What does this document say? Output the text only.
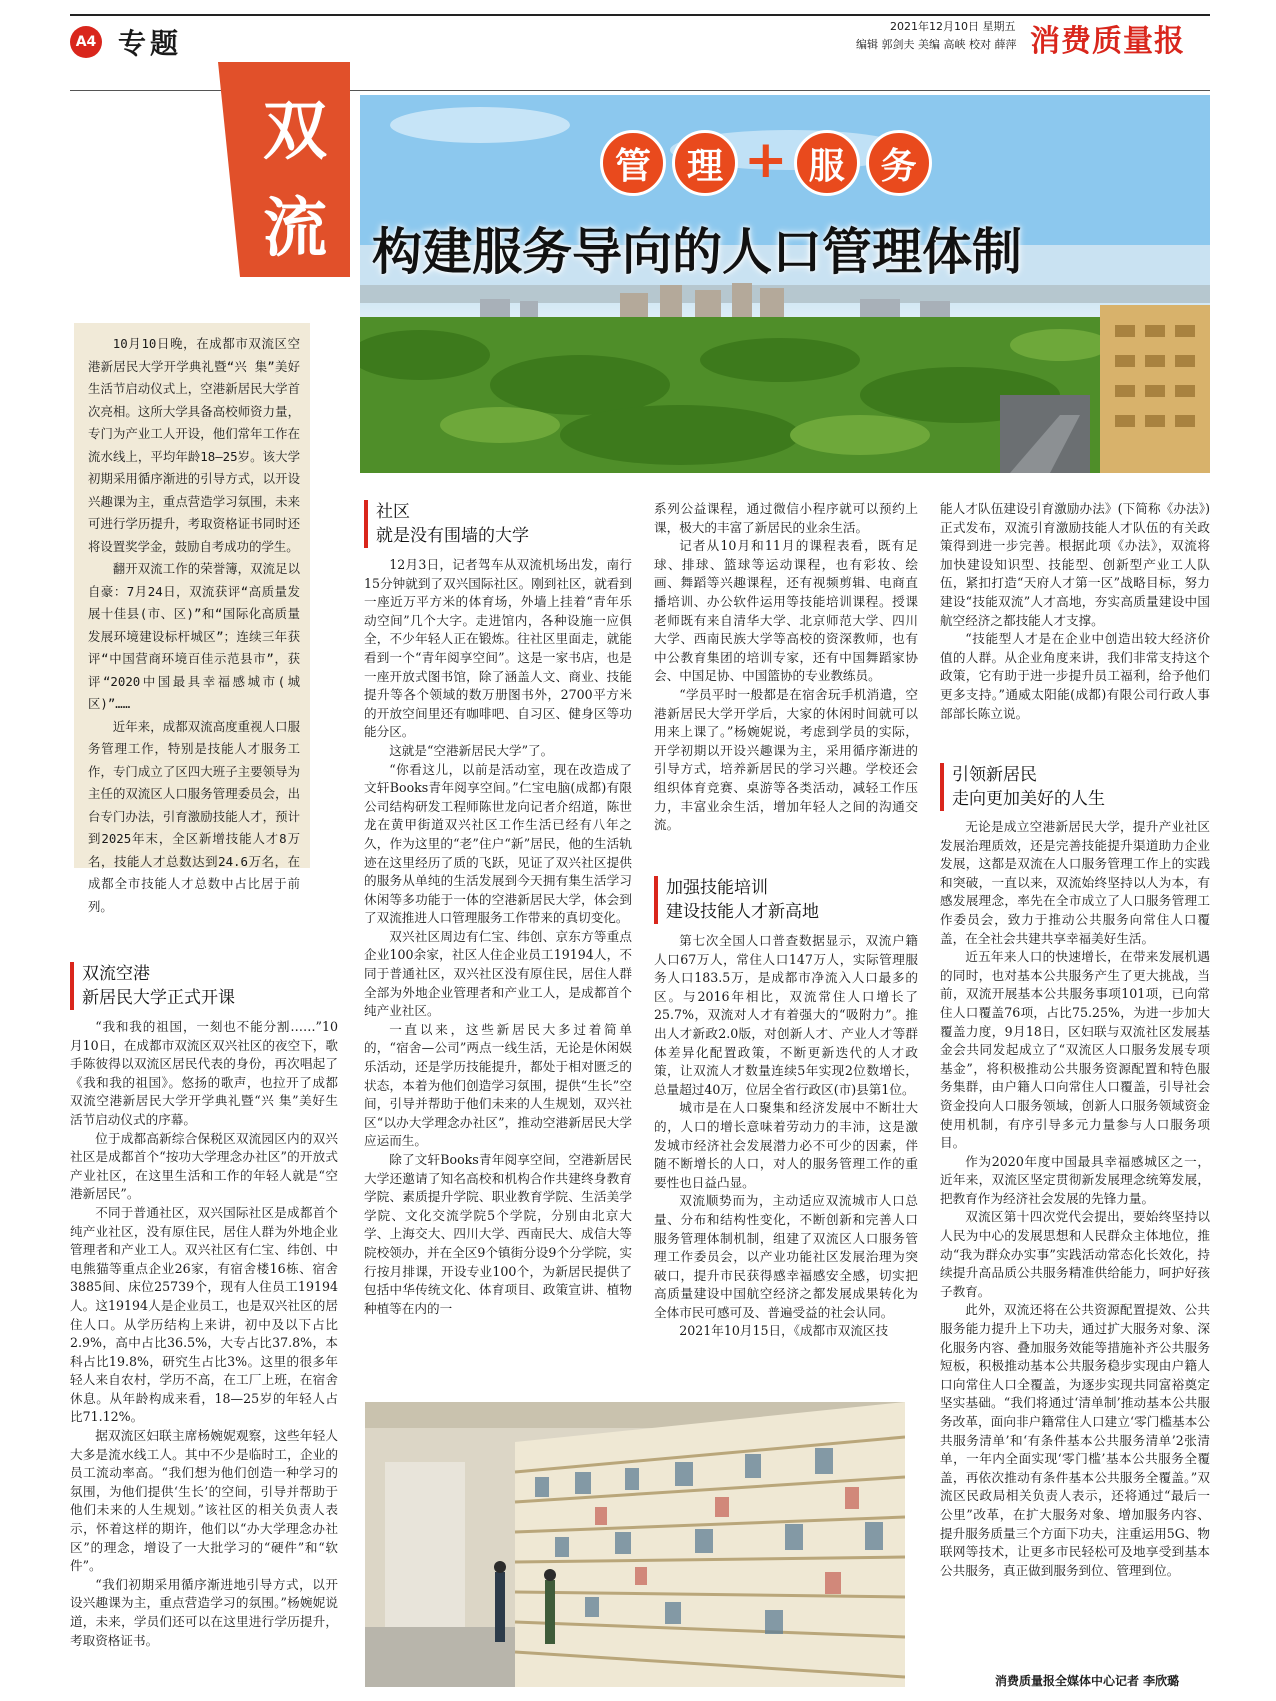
A4 专题
2021年12月10日 星期五
编辑 郭剑夫 美编 高峡 校对 薛萍 消费质量报
双
流
管 理 + 服 务
构建服务导向的人口管理体制

10月10日晚，在成都市双流区空港新居民大学开学典礼暨“兴 集”美好生活节启动仪式上，空港新居民大学首次亮相。这所大学具备高校师资力量，专门为产业工人开设，他们常年工作在流水线上，平均年龄18—25岁。该大学初期采用循序渐进的引导方式，以开设兴趣课为主，重点营造学习氛围，未来可进行学历提升，考取资格证书同时还将设置奖学金，鼓励自考成功的学生。

翻开双流工作的荣誉簿，双流足以自豪：7月24日，双流获评“高质量发展十佳县(市、区)”和“国际化高质量发展环境建设标杆城区”；连续三年获评“中国营商环境百佳示范县市”，获评“2020中国最具幸福感城市(城区)”……

近年来，成都双流高度重视人口服务管理工作，特别是技能人才服务工作，专门成立了区四大班子主要领导为主任的双流区人口服务管理委员会，出台专门办法，引育激励技能人才，预计到2025年末，全区新增技能人才8万名，技能人才总数达到24.6万名，在成都全市技能人才总数中占比居于前列。

双流空港
新居民大学正式开课

“我和我的祖国，一刻也不能分割……”10月10日，在成都市双流区双兴社区的夜空下，歌手陈彼得以双流区居民代表的身份，再次唱起了《我和我的祖国》。悠扬的歌声，也拉开了成都双流空港新居民大学开学典礼暨“兴 集”美好生活节启动仪式的序幕。

位于成都高新综合保税区双流园区内的双兴社区是成都首个“按功大学理念办社区”的开放式产业社区，在这里生活和工作的年轻人就是“空港新居民”。

不同于普通社区，双兴国际社区是成都首个纯产业社区，没有原住民，居住人群为外地企业管理者和产业工人。双兴社区有仁宝、纬创、中电熊猫等重点企业26家，有宿舍楼16栋、宿舍3885间、床位25739个，现有人住员工19194人。这19194人是企业员工，也是双兴社区的居住人口。从学历结构上来讲，初中及以下占比2.9%，高中占比36.5%，大专占比37.8%，本科占比19.8%，研究生占比3%。这里的很多年轻人来自农村，学历不高，在工厂上班，在宿舍休息。从年龄构成来看，18—25岁的年轻人占比71.12%。

据双流区妇联主席杨婉妮观察，这些年轻人大多是流水线工人。其中不少是临时工，企业的员工流动率高。“我们想为他们创造一种学习的氛围，为他们提供‘生长’的空间，引导并帮助于他们未来的人生规划。”该社区的相关负责人表示，怀着这样的期许，他们以“办大学理念办社区”的理念，增设了一大批学习的“硬件”和“软件”。

“我们初期采用循序渐进地引导方式，以开设兴趣课为主，重点营造学习的氛围。”杨婉妮说道，未来，学员们还可以在这里进行学历提升，考取资格证书。

社区
就是没有围墙的大学

12月3日，记者驾车从双流机场出发，南行15分钟就到了双兴国际社区。刚到社区，就看到一座近万平方米的体育场，外墙上挂着“青年乐动空间”几个大字。走进馆内，各种设施一应俱全，不少年轻人正在锻炼。往社区里面走，就能看到一个“青年阅享空间”。这是一家书店，也是一座开放式图书馆，除了涵盖人文、商业、技能提升等各个领域的数万册图书外，2700平方米的开放空间里还有咖啡吧、自习区、健身区等功能分区。

这就是“空港新居民大学”了。

“你看这儿，以前是活动室，现在改造成了文轩Books青年阅享空间。”仁宝电脑(成都)有限公司结构研发工程师陈世龙向记者介绍道，陈世龙在黄甲街道双兴社区工作生活已经有八年之久，作为这里的“老”住户“新”居民，他的生活轨迹在这里经历了质的飞跃，见证了双兴社区提供的服务从单纯的生活发展到今天拥有集生活学习休闲等多功能于一体的空港新居民大学，体会到了双流推进人口管理服务工作带来的真切变化。

双兴社区周边有仁宝、纬创、京东方等重点企业100余家，社区人住企业员工19194人，不同于普通社区，双兴社区没有原住民，居住人群全部为外地企业管理者和产业工人，是成都首个纯产业社区。

一直以来，这些新居民大多过着简单的，“宿舍—公司”两点一线生活，无论是休闲娱乐活动，还是学历技能提升，都处于相对匮乏的状态，本着为他们创造学习氛围，提供“生长”空间，引导并帮助于他们未来的人生规划，双兴社区“以办大学理念办社区”，推动空港新居民大学应运而生。

除了文轩Books青年阅享空间，空港新居民大学还邀请了知名高校和机构合作共建终身教育学院、素质提升学院、职业教育学院、生活美学学院、文化交流学院5个学院，分别由北京大学、上海交大、四川大学、西南民大、成信大等院校领办，并在全区9个镇街分设9个分学院，实行按月排课，开设专业100个，为新居民提供了包括中华传统文化、体育项目、政策宣讲、植物种植等在内的一

系列公益课程，通过微信小程序就可以预约上课，极大的丰富了新居民的业余生活。

记者从10月和11月的课程表看，既有足球、排球、篮球等运动课程，也有彩妆、绘画、舞蹈等兴趣课程，还有视频剪辑、电商直播培训、办公软件运用等技能培训课程。授课老师既有来自清华大学、北京师范大学、四川大学、西南民族大学等高校的资深教师，也有中公教育集团的培训专家，还有中国舞蹈家协会、中国足协、中国篮协的专业教练员。

“学员平时一般都是在宿舍玩手机消遣，空港新居民大学开学后，大家的休闲时间就可以用来上课了。”杨婉妮说，考虑到学员的实际，开学初期以开设兴趣课为主，采用循序渐进的引导方式，培养新居民的学习兴趣。学校还会组织体育竞赛、桌游等各类活动，减轻工作压力，丰富业余生活，增加年轻人之间的沟通交流。

加强技能培训
建设技能人才新高地

第七次全国人口普查数据显示，双流户籍人口67万人，常住人口147万人，实际管理服务人口183.5万，是成都市净流入人口最多的区。与2016年相比，双流常住人口增长了25.7%，双流对人才有着强大的“吸附力”。推出人才新政2.0版，对创新人才、产业人才等群体差异化配置政策，不断更新迭代的人才政策，让双流人才数量连续5年实现2位数增长，总量超过40万，位居全省行政区(市)县第1位。

城市是在人口聚集和经济发展中不断壮大的，人口的增长意味着劳动力的丰沛，这是激发城市经济社会发展潜力必不可少的因素，伴随不断增长的人口，对人的服务管理工作的重要性也日益凸显。

双流顺势而为，主动适应双流城市人口总量、分布和结构性变化，不断创新和完善人口服务管理体制机制，组建了双流区人口服务管理工作委员会，以产业功能社区发展治理为突破口，提升市民获得感幸福感安全感，切实把高质量建设中国航空经济之都发展成果转化为全体市民可感可及、普遍受益的社会认同。

2021年10月15日，《成都市双流区技

能人才队伍建设引育激励办法》(下简称《办法》)正式发布，双流引育激励技能人才队伍的有关政策得到进一步完善。根据此项《办法》，双流将加快建设知识型、技能型、创新型产业工人队伍，紧扣打造“天府人才第一区”战略目标，努力建设“技能双流”人才高地，夯实高质量建设中国航空经济之都技能人才支撑。

“技能型人才是在企业中创造出较大经济价值的人群。从企业角度来讲，我们非常支持这个政策，它有助于进一步提升员工福利，给予他们更多支持。”通威太阳能(成都)有限公司行政人事部部长陈立说。

引领新居民
走向更加美好的人生

无论是成立空港新居民大学，提升产业社区发展治理质效，还是完善技能提升渠道助力企业发展，这都是双流在人口服务管理工作上的实践和突破，一直以来，双流始终坚持以人为本，有感发展理念，率先在全市成立了人口服务管理工作委员会，致力于推动公共服务向常住人口覆盖，在全社会共建共享幸福美好生活。

近五年来人口的快速增长，在带来发展机遇的同时，也对基本公共服务产生了更大挑战，当前，双流开展基本公共服务事项101项，已向常住人口覆盖76项，占比75.25%，为进一步加大覆盖力度，9月18日，区妇联与双流社区发展基金会共同发起成立了“双流区人口服务发展专项基金”，将积极推动公共服务资源配置和特色服务集群，由户籍人口向常住人口覆盖，引导社会资金投向人口服务领域，创新人口服务领域资金使用机制，有序引导多元力量参与人口服务项目。

作为2020年度中国最具幸福感城区之一，近年来，双流区坚定贯彻新发展理念统筹发展，把教育作为经济社会发展的先锋力量。

双流区第十四次党代会提出，要始终坚持以人民为中心的发展思想和人民群众主体地位，推动“我为群众办实事”实践活动常态化长效化，持续提升高品质公共服务精准供给能力，呵护好孩子教育。

此外，双流还将在公共资源配置提效、公共服务能力提升上下功夫，通过扩大服务对象、深化服务内容、叠加服务效能等措施补齐公共服务短板，积极推动基本公共服务稳步实现由户籍人口向常住人口全覆盖，为逐步实现共同富裕奠定坚实基础。“我们将通过‘清单制’推动基本公共服务改革，面向非户籍常住人口建立‘零门槛基本公共服务清单’和‘有条件基本公共服务清单’2张清单，一年内全面实现‘零门槛’基本公共服务全覆盖，再依次推动有条件基本公共服务全覆盖。”双流区民政局相关负责人表示，还将通过“最后一公里”改革，在扩大服务对象、增加服务内容、提升服务质量三个方面下功夫，注重运用5G、物联网等技术，让更多市民轻松可及地享受到基本公共服务，真正做到服务到位、管理到位。

消费质量报全媒体中心记者 李欣璐
